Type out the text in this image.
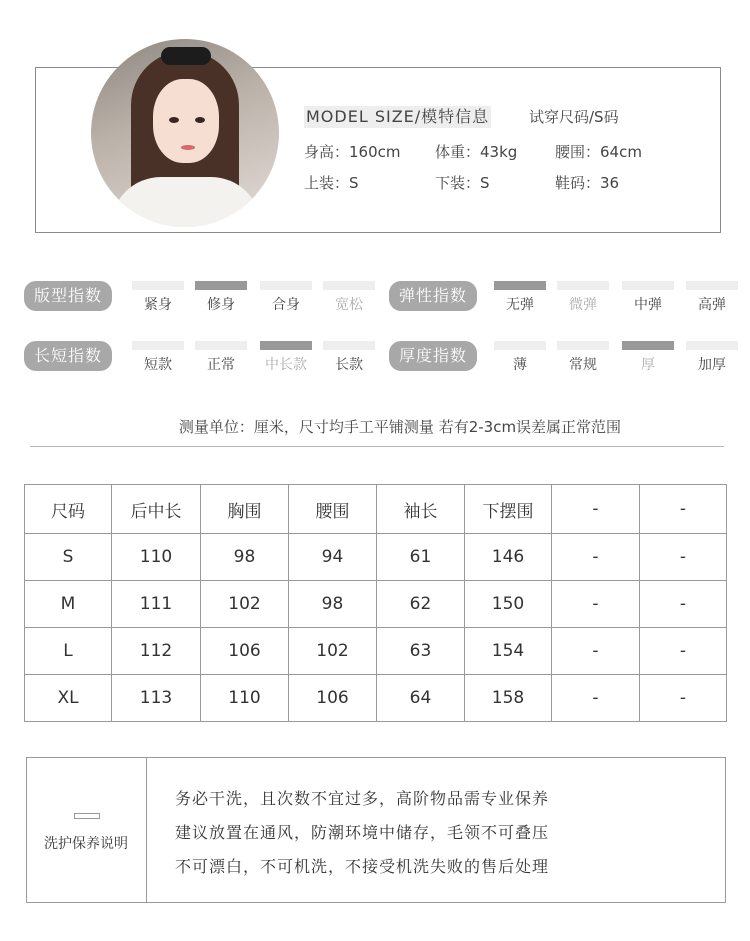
MODEL SIZE/模特信息	试穿尺码/S码
身高：160cm 体重：43kg	腰围：64cm
上装：S	下装：S	鞋码：36
版型指数	紧身	修身	合身	宽松	弹性指数	无弹	微弹	中弹	高弹
长短指数	短款	正常	中长款	长款	厚度指数	薄	常规	厚	加厚
测量单位：厘米，尺寸均手工平铺测量 若有2-3cm误差属正常范围
尺码	后中长	胸围	腰围	袖长	下摆围	-	-
S	110	98	94	61	146	-	-
M	111	102	98	62	150	-	-
L	112	106	102	63	154	-	-
XL	113	110	106	64	158	-	-
洗护保养说明
务必干洗，且次数不宜过多，高阶物品需专业保养
建议放置在通风，防潮环境中储存，毛领不可叠压
不可漂白，不可机洗，不接受机洗失败的售后处理
